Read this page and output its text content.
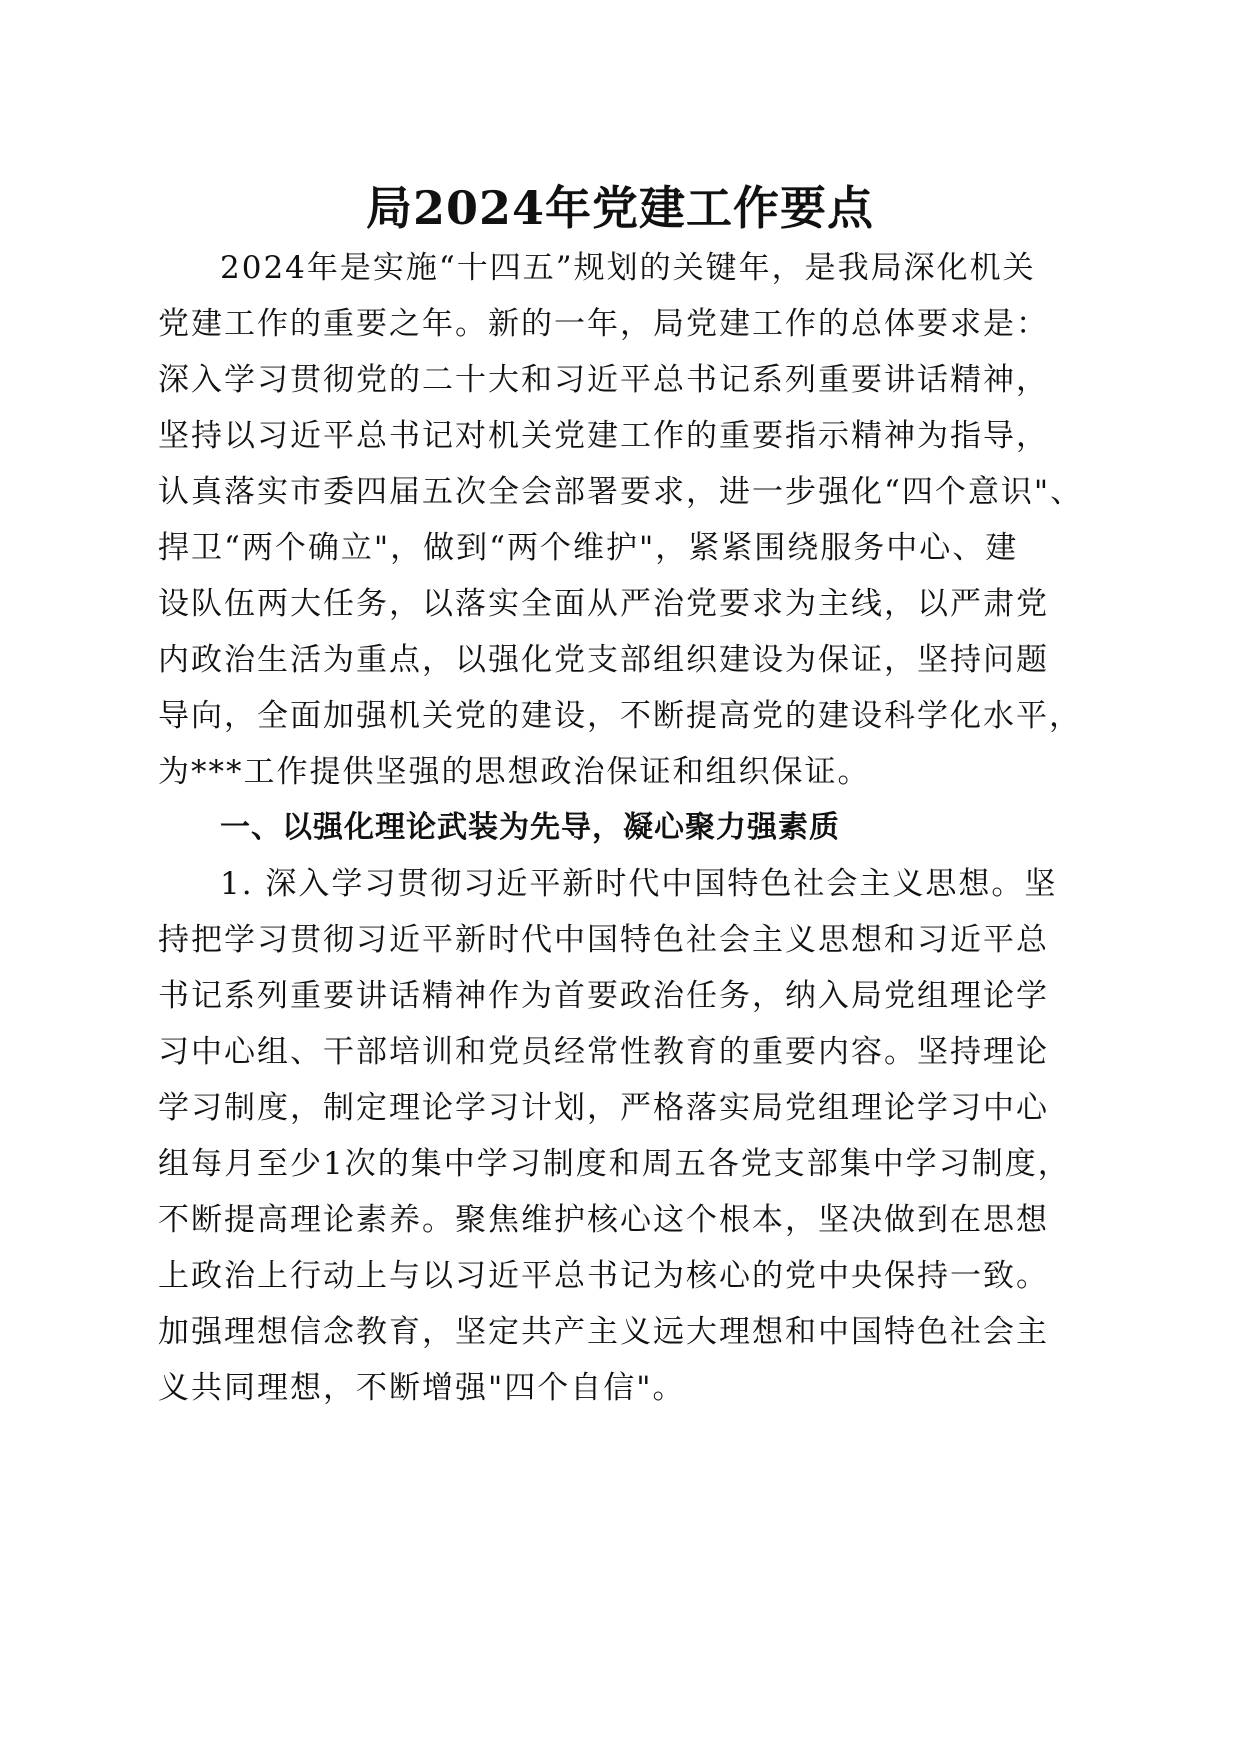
局2024年党建工作要点
2024年是实施“十四五”规划的关键年，是我局深化机关
党建工作的重要之年。新的一年，局党建工作的总体要求是：
深入学习贯彻党的二十大和习近平总书记系列重要讲话精神，
坚持以习近平总书记对机关党建工作的重要指示精神为指导，
认真落实市委四届五次全会部署要求，进一步强化“四个意识"、
捍卫“两个确立"，做到“两个维护"，紧紧围绕服务中心、建
设队伍两大任务，以落实全面从严治党要求为主线，以严肃党
内政治生活为重点，以强化党支部组织建设为保证，坚持问题
导向，全面加强机关党的建设，不断提高党的建设科学化水平，
为***工作提供坚强的思想政治保证和组织保证。
一、以强化理论武装为先导，凝心聚力强素质
1. 深入学习贯彻习近平新时代中国特色社会主义思想。坚
持把学习贯彻习近平新时代中国特色社会主义思想和习近平总
书记系列重要讲话精神作为首要政治任务，纳入局党组理论学
习中心组、干部培训和党员经常性教育的重要内容。坚持理论
学习制度，制定理论学习计划，严格落实局党组理论学习中心
组每月至少1次的集中学习制度和周五各党支部集中学习制度，
不断提高理论素养。聚焦维护核心这个根本，坚决做到在思想
上政治上行动上与以习近平总书记为核心的党中央保持一致。
加强理想信念教育，坚定共产主义远大理想和中国特色社会主
义共同理想，不断增强"四个自信"。
